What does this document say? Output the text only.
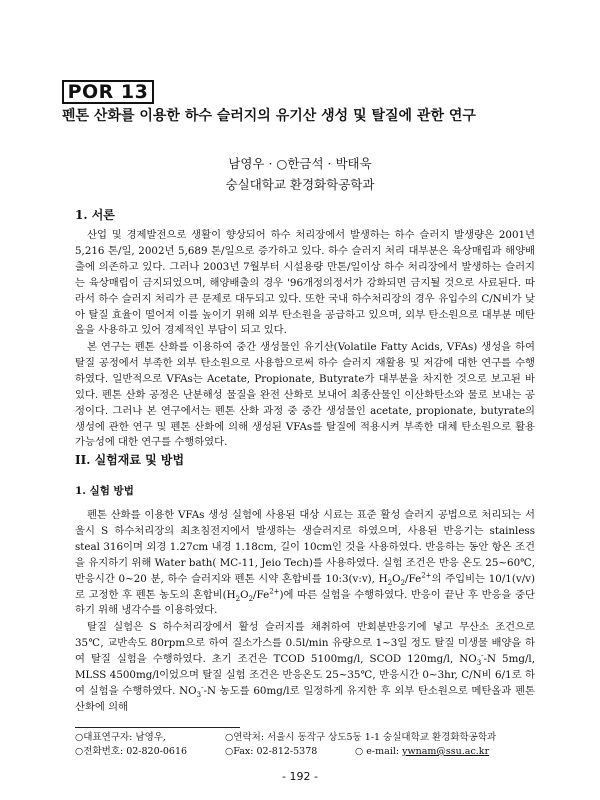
POR 13
펜톤 산화를 이용한 하수 슬러지의 유기산 생성 및 탈질에 관한 연구
남영우 · ○한금석 · 박태욱
숭실대학교 환경화학공학과
1. 서론

산업 및 경제발전으로 생활이 향상되어 하수 처리장에서 발생하는 하수 슬러지 발생량은 2001년 5,216 톤/일, 2002년 5,689 톤/일으로 증가하고 있다. 하수 슬러지 처리 대부분은 육상매립과 해양배출에 의존하고 있다. 그러나 2003년 7월부터 시설용량 만톤/일이상 하수 처리장에서 발생하는 슬러지는 육상매립이 금지되었으며, 해양배출의 경우 '96개정의정서가 강화되면 금지될 것으로 사료된다. 따라서 하수 슬러지 처리가 큰 문제로 대두되고 있다. 또한 국내 하수처리장의 경우 유입수의 C/N비가 낮아 탈질 효율이 떨어져 이를 높이기 위해 외부 탄소원을 공급하고 있으며, 외부 탄소원으로 대부분 메탄올을 사용하고 있어 경제적인 부담이 되고 있다.

본 연구는 펜톤 산화를 이용하여 중간 생성물인 유기산(Volatile Fatty Acids, VFAs) 생성을 하여 탈질 공정에서 부족한 외부 탄소원으로 사용함으로써 하수 슬러지 재활용 및 저감에 대한 연구를 수행하였다. 일반적으로 VFAs는 Acetate, Propionate, Butyrate가 대부분을 차지한 것으로 보고된 바 있다. 펜톤 산화 공정은 난분해성 물질을 완전 산화로 보내어 최종산물인 이산화탄소와 물로 보내는 공정이다. 그러나 본 연구에서는 펜톤 산화 과정 중 중간 생성물인 acetate, propionate, butyrate의 생성에 관한 연구 및 펜톤 산화에 의해 생성된 VFAs를 탈질에 적용시켜 부족한 대체 탄소원으로 활용가능성에 대한 연구를 수행하였다.

II. 실험재료 및 방법
1. 실험 방법

펜톤 산화를 이용한 VFAs 생성 실험에 사용된 대상 시료는 표준 활성 슬러지 공법으로 처리되는 서울시 S 하수처리장의 최초침전지에서 발생하는 생슬러지로 하였으며, 사용된 반응기는 stainless steal 316이며 외경 1.27cm 내경 1.18cm, 길이 10cm인 것을 사용하였다. 반응하는 동안 항온 조건을 유지하기 위해 Water bath( MC-11, Jeio Tech)를 사용하였다. 실험 조건은 반응 온도 25~60℃, 반응시간 0~20 분, 하수 슬러지와 펜톤 시약 혼합비를 10:3(v:v), $H_2O_2/Fe^{2+}$의 주입비는 10/1(v/v)로 고정한 후 펜톤 농도의 혼합비$(H_2O_2/Fe^{2+})$에 따른 실험을 수행하였다. 반응이 끝난 후 반응을 중단하기 위해 냉각수를 이용하였다.

탈질 실험은 S 하수처리장에서 활성 슬러지를 채취하여 반회분반응기에 넣고 무산소 조건으로 35℃, 교반속도 80rpm으로 하여 질소가스를 0.5l/min 유량으로 1~3일 정도 탈질 미생물 배양을 하여 탈질 실험을 수행하였다. 초기 조건은 TCOD 5100mg/l, SCOD 120mg/l, $NO_3^--N$ 5mg/l, MLSS 4500mg/l이었으며 탈질 실험 조건은 반응온도 25~35℃, 반응시간 0~3hr, C/N비 6/1로 하여 실험을 수행하였다. $NO_3^--N$ 농도를 60mg/l로 일정하게 유지한 후 외부 탄소원으로 메탄올과 펜톤 산화에 의해

○대표연구자: 남영우,	○연락처: 서울시 동작구 상도5동 1-1 숭실대학교 환경화학공학과
○전화번호: 02-820-0616	○Fax: 02-812-5378	○ e-mail: ywnam@ssu.ac.kr
- 192 -
